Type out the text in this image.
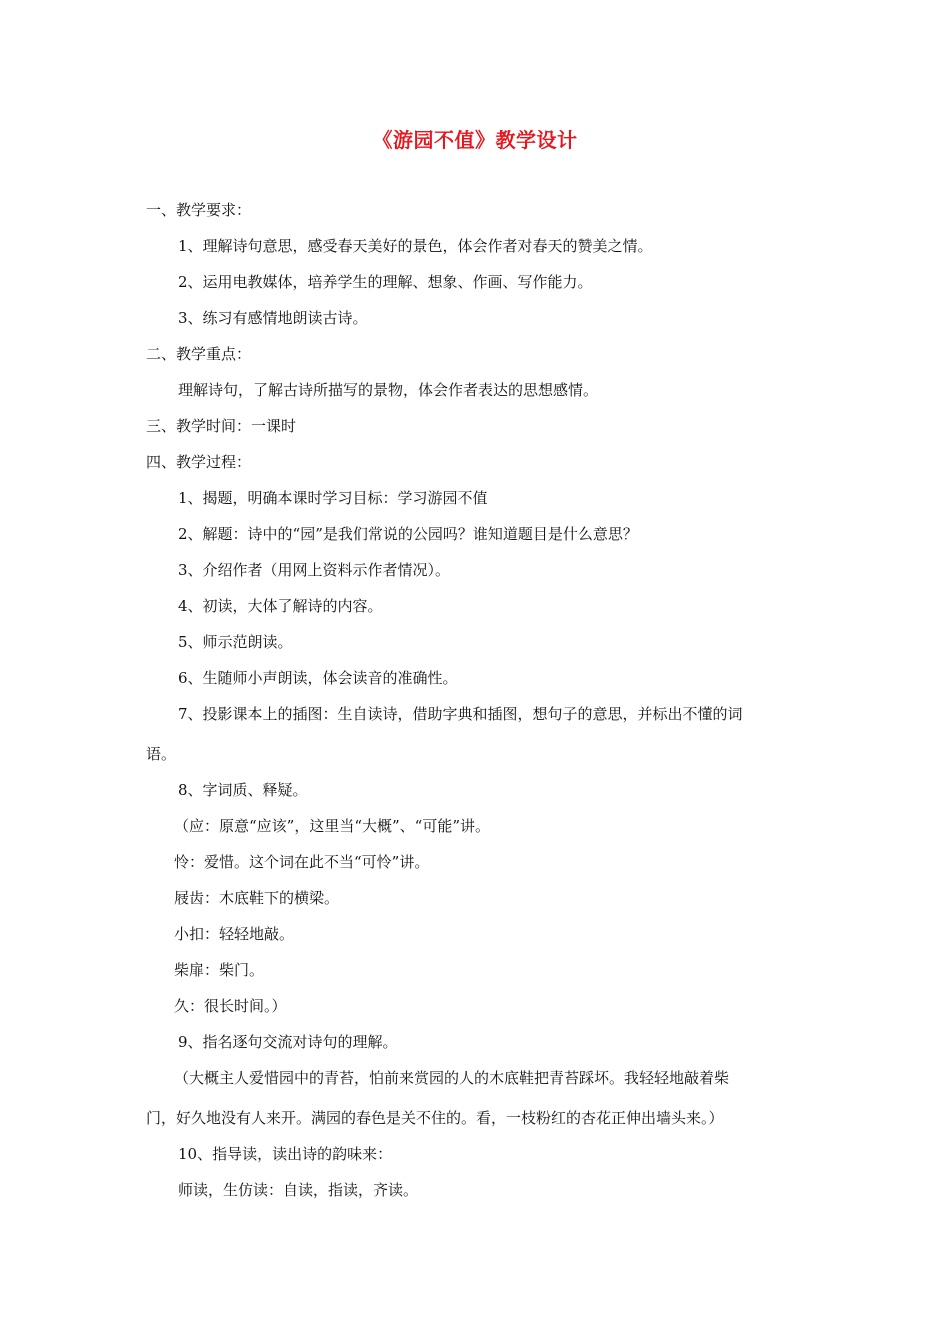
《游园不值》教学设计
一、教学要求：
1、理解诗句意思，感受春天美好的景色，体会作者对春天的赞美之情。
2、运用电教媒体，培养学生的理解、想象、作画、写作能力。
3、练习有感情地朗读古诗。
二、教学重点：
理解诗句，了解古诗所描写的景物，体会作者表达的思想感情。
三、教学时间：一课时
四、教学过程：
1、揭题，明确本课时学习目标：学习游园不值
2、解题：诗中的“园”是我们常说的公园吗？谁知道题目是什么意思？
3、介绍作者（用网上资料示作者情况）。
4、初读，大体了解诗的内容。
5、师示范朗读。
6、生随师小声朗读，体会读音的准确性。
7、投影课本上的插图：生自读诗，借助字典和插图，想句子的意思，并标出不懂的词
语。
8、字词质、释疑。
（应：原意“应该”，这里当“大概”、“可能”讲。
怜：爱惜。这个词在此不当“可怜”讲。
屐齿：木底鞋下的横梁。
小扣：轻轻地敲。
柴扉：柴门。
久：很长时间。）
9、指名逐句交流对诗句的理解。
（大概主人爱惜园中的青苔，怕前来赏园的人的木底鞋把青苔踩坏。我轻轻地敲着柴
门，好久地没有人来开。满园的春色是关不住的。看，一枝粉红的杏花正伸出墙头来。）
10、指导读，读出诗的韵味来：
师读，生仿读：自读，指读，齐读。
